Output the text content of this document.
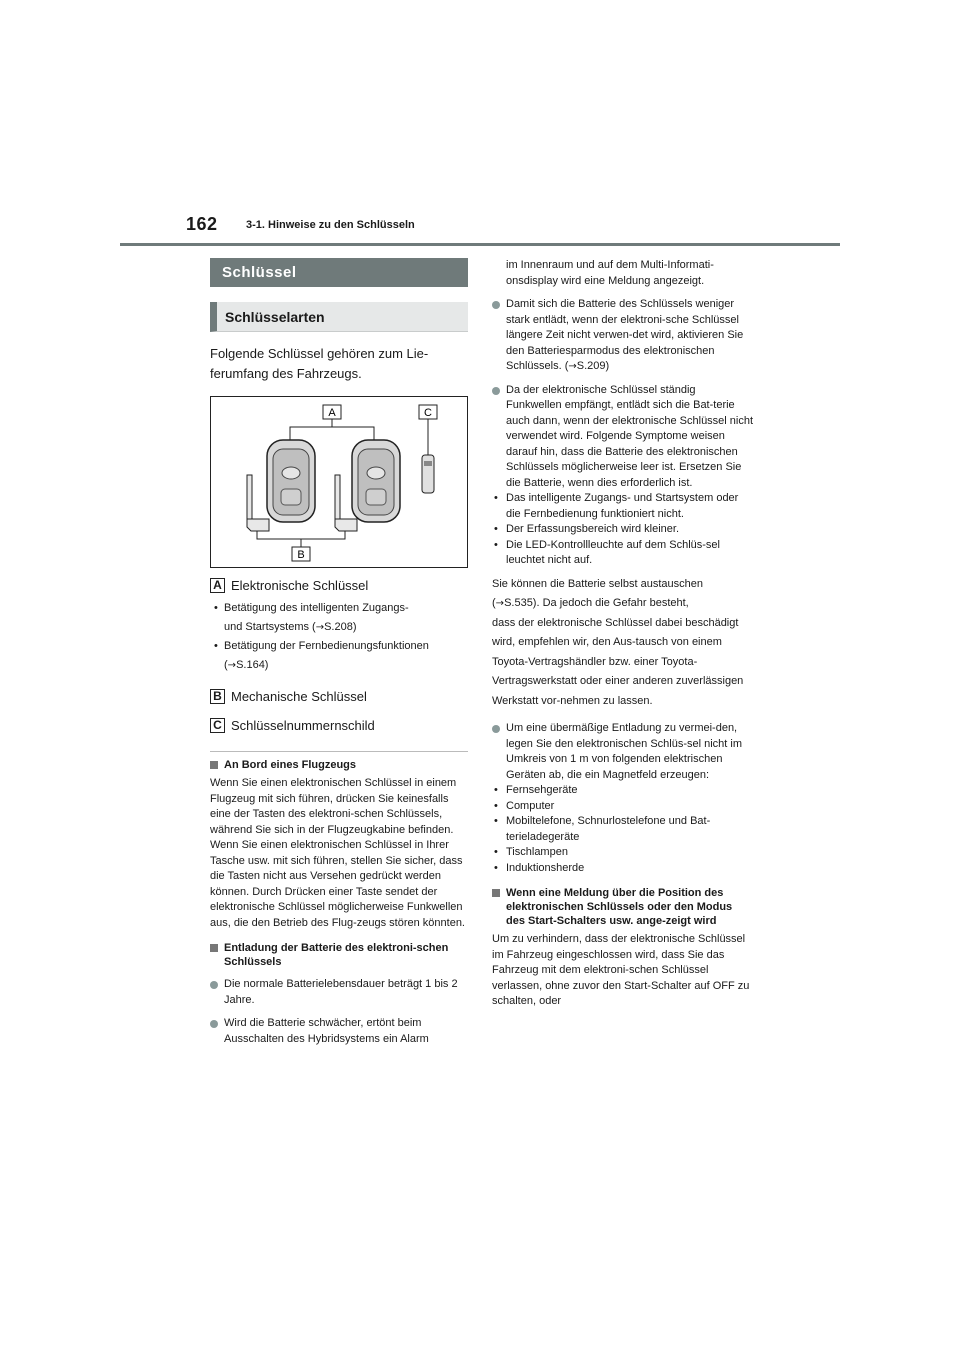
162	3-1. Hinweise zu den Schlüsseln
Schlüssel
Schlüsselarten
Folgende Schlüssel gehören zum Lie-ferumfang des Fahrzeugs.
A
B
C
A Elektronische Schlüssel
• Betätigung des intelligenten Zugangs-
und Startsystems (→S.208)
• Betätigung der Fernbedienungsfunktionen
(→S.164)
B Mechanische Schlüssel
C Schlüsselnummernschild
An Bord eines Flugzeugs
Wenn Sie einen elektronischen Schlüssel in einem Flugzeug mit sich führen, drücken Sie keinesfalls eine der Tasten des elektroni-schen Schlüssels, während Sie sich in der Flugzeugkabine befinden. Wenn Sie einen elektronischen Schlüssel in Ihrer Tasche usw. mit sich führen, stellen Sie sicher, dass die Tasten nicht aus Versehen gedrückt werden können. Durch Drücken einer Taste sendet der elektronische Schlüssel möglicherweise Funkwellen aus, die den Betrieb des Flug-zeugs stören könnten.
Entladung der Batterie des elektroni-schen Schlüssels
Die normale Batterielebensdauer beträgt 1 bis 2 Jahre.
Wird die Batterie schwächer, ertönt beim Ausschalten des Hybridsystems ein Alarm
im Innenraum und auf dem Multi-Informati-onsdisplay wird eine Meldung angezeigt.
Damit sich die Batterie des Schlüssels weniger stark entlädt, wenn der elektroni-sche Schlüssel längere Zeit nicht verwen-det wird, aktivieren Sie den Batteriesparmodus des elektronischen Schlüssels. (→S.209)
Da der elektronische Schlüssel ständig Funkwellen empfängt, entlädt sich die Bat-terie auch dann, wenn der elektronische Schlüssel nicht verwendet wird. Folgende Symptome weisen darauf hin, dass die Batterie des elektronischen Schlüssels möglicherweise leer ist. Ersetzen Sie die Batterie, wenn dies erforderlich ist.
• Das intelligente Zugangs- und Startsystem oder die Fernbedienung funktioniert nicht.
• Der Erfassungsbereich wird kleiner.
• Die LED-Kontrollleuchte auf dem Schlüs-sel leuchtet nicht auf.
Sie können die Batterie selbst austauschen
(→S.535). Da jedoch die Gefahr besteht,
dass der elektronische Schlüssel dabei beschädigt wird, empfehlen wir, den Aus-tausch von einem Toyota-Vertragshändler bzw. einer Toyota-Vertragswerkstatt oder einer anderen zuverlässigen Werkstatt vor-nehmen zu lassen.
Um eine übermäßige Entladung zu vermei-den, legen Sie den elektronischen Schlüs-sel nicht im Umkreis von 1 m von folgenden elektrischen Geräten ab, die ein Magnetfeld erzeugen:
• Fernsehgeräte
• Computer
• Mobiltelefone, Schnurlostelefone und Bat-terieladegeräte
• Tischlampen
• Induktionsherde
Wenn eine Meldung über die Position des elektronischen Schlüssels oder den Modus des Start-Schalters usw. ange-zeigt wird
Um zu verhindern, dass der elektronische Schlüssel im Fahrzeug eingeschlossen wird, dass Sie das Fahrzeug mit dem elektroni-schen Schlüssel verlassen, ohne zuvor den Start-Schalter auf OFF zu schalten, oder
